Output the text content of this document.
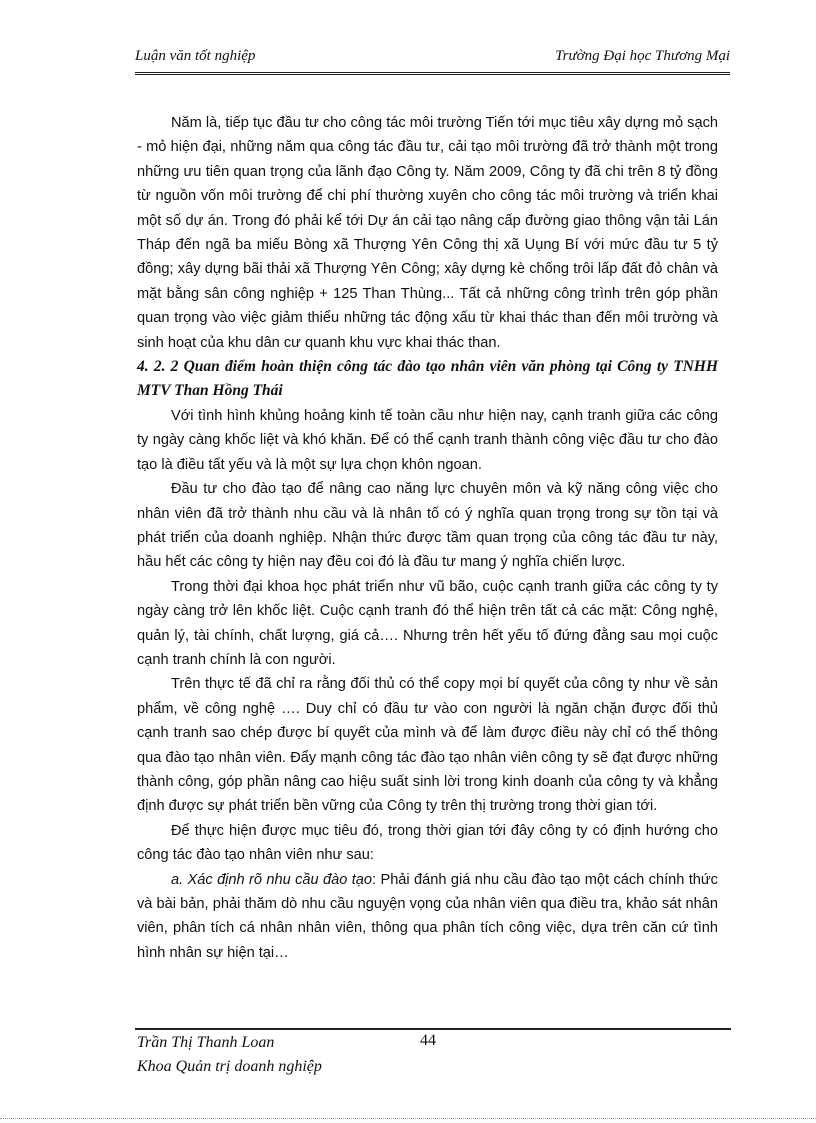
Luận văn tốt nghiệp	Trường Đại học Thương Mại

Năm là, tiếp tục đầu tư cho công tác môi trường Tiến tới mục tiêu xây dựng mỏ sạch - mỏ hiện đại, những năm qua công tác đầu tư, cải tạo môi trường đã trở thành một trong những ưu tiên quan trọng của lãnh đạo Công ty. Năm 2009, Công ty đã chi trên 8 tỷ đồng từ nguồn vốn môi trường để chi phí thường xuyên cho công tác môi trường và triển khai một số dự án. Trong đó phải kể tới Dự án cải tạo nâng cấp đường giao thông vận tải Lán Tháp đến ngã ba miếu Bòng xã Thượng Yên Công thị xã Uụng Bí với mức đầu tư 5 tỷ đồng; xây dựng bãi thải xã Thượng Yên Công; xây dựng kè chống trôi lấp đất đỏ chân và mặt bằng sân công nghiệp + 125 Than Thùng... Tất cả những công trình trên góp phần quan trọng vào việc giảm thiểu những tác động xấu từ khai thác than đến môi trường và sinh hoạt của khu dân cư quanh khu vực khai thác than.

4. 2. 2 Quan điểm hoàn thiện công tác đào tạo nhân viên văn phòng tại Công ty TNHH MTV Than Hồng Thái

Với tình hình khủng hoảng kinh tế toàn cầu như hiện nay, cạnh tranh giữa các công ty ngày càng khốc liệt và khó khăn. Để có thể cạnh tranh thành công việc đầu tư cho đào tạo là điều tất yếu và là một sự lựa chọn khôn ngoan.

Đầu tư cho đào tạo để nâng cao năng lực chuyên môn và kỹ năng công việc cho nhân viên đã trở thành nhu cầu và là nhân tố có ý nghĩa quan trọng trong sự tồn tại và phát triển của doanh nghiệp. Nhận thức được tầm quan trọng của công tác đầu tư này, hầu hết các công ty hiện nay đều coi đó là đầu tư mang ý nghĩa chiến lược.

Trong thời đại khoa học phát triển như vũ bão, cuộc cạnh tranh giữa các công ty ty ngày càng trở lên khốc liệt. Cuộc cạnh tranh đó thể hiện trên tất cả các mặt: Công nghệ, quản lý, tài chính, chất lượng, giá cả…. Nhưng trên hết yếu tố đứng đằng sau mọi cuộc cạnh tranh chính là con người.

Trên thực tế đã chỉ ra rằng đối thủ có thể copy mọi bí quyết của công ty như về sản phẩm, về công nghệ …. Duy chỉ có đầu tư vào con người là ngăn chặn được đối thủ cạnh tranh sao chép được bí quyết của mình và để làm được điều này chỉ có thể thông qua đào tạo nhân viên. Đẩy mạnh công tác đào tạo nhân viên công ty sẽ đạt được những thành công, góp phần nâng cao hiệu suất sinh lời trong kinh doanh của công ty và khẳng định được sự phát triển bền vững của Công ty trên thị trường trong thời gian tới.

Để thực hiện được mục tiêu đó, trong thời gian tới đây công ty có định hướng cho công tác đào tạo nhân viên như sau:

a. Xác định rõ nhu cầu đào tạo: Phải đánh giá nhu cầu đào tạo một cách chính thức và bài bản, phải thăm dò nhu cầu nguyện vọng của nhân viên qua điều tra, khảo sát nhân viên, phân tích cá nhân nhân viên, thông qua phân tích công việc, dựa trên căn cứ tình hình nhân sự hiện tại…

44
Trần Thị Thanh Loan
Khoa Quản trị doanh nghiệp
